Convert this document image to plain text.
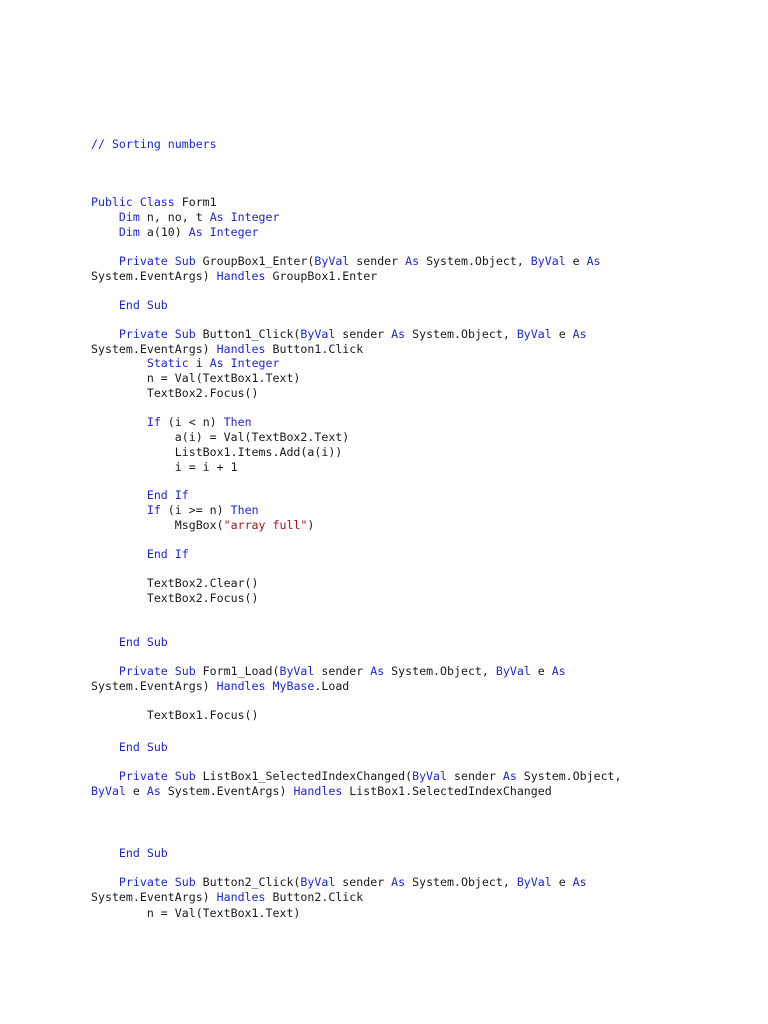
// Sorting numbers
Public Class Form1
Dim n, no, t As Integer
Dim a(10) As Integer
Private Sub GroupBox1_Enter(ByVal sender As System.Object, ByVal e As
System.EventArgs) Handles GroupBox1.Enter
End Sub
Private Sub Button1_Click(ByVal sender As System.Object, ByVal e As
System.EventArgs) Handles Button1.Click
Static i As Integer
n = Val(TextBox1.Text)
TextBox2.Focus()
If (i < n) Then
a(i) = Val(TextBox2.Text)
ListBox1.Items.Add(a(i))
i = i + 1
End If
If (i >= n) Then
MsgBox("array full")
End If
TextBox2.Clear()
TextBox2.Focus()
End Sub
Private Sub Form1_Load(ByVal sender As System.Object, ByVal e As
System.EventArgs) Handles MyBase.Load
TextBox1.Focus()
End Sub
Private Sub ListBox1_SelectedIndexChanged(ByVal sender As System.Object,
ByVal e As System.EventArgs) Handles ListBox1.SelectedIndexChanged
End Sub
Private Sub Button2_Click(ByVal sender As System.Object, ByVal e As
System.EventArgs) Handles Button2.Click
n = Val(TextBox1.Text)
